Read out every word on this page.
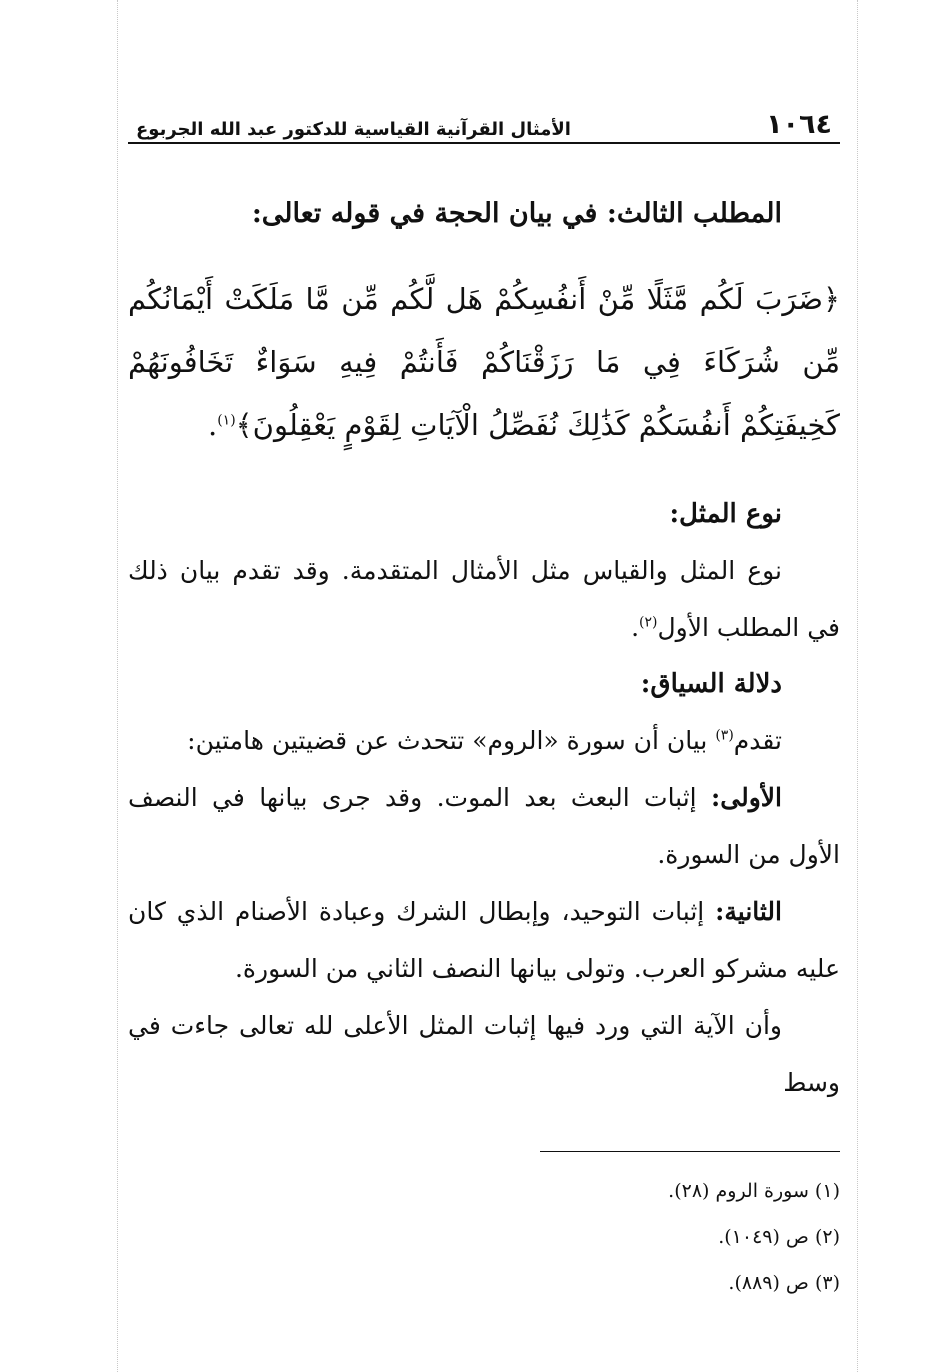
١٠٦٤
الأمثال القرآنية القياسية للدكتور عبد الله الجربوع
المطلب الثالث: في بيان الحجة في قوله تعالى:

﴿ضَرَبَ لَكُم مَّثَلًا مِّنْ أَنفُسِكُمْ هَل لَّكُم مِّن مَّا مَلَكَتْ أَيْمَانُكُم مِّن شُرَكَاءَ فِي مَا رَزَقْنَاكُمْ فَأَنتُمْ فِيهِ سَوَاءٌ تَخَافُونَهُمْ كَخِيفَتِكُمْ أَنفُسَكُمْ كَذَٰلِكَ نُفَصِّلُ الْآيَاتِ لِقَوْمٍ يَعْقِلُونَ﴾$^{(١)}$.

نوع المثل:

نوع المثل والقياس مثل الأمثال المتقدمة. وقد تقدم بيان ذلك في المطلب الأول$^{(٢)}$.

دلالة السياق:

تقدم$^{(٣)}$ بيان أن سورة «الروم» تتحدث عن قضيتين هامتين:

الأولى: إثبات البعث بعد الموت. وقد جرى بيانها في النصف الأول من السورة.

الثانية: إثبات التوحيد، وإبطال الشرك وعبادة الأصنام الذي كان عليه مشركو العرب. وتولى بيانها النصف الثاني من السورة.

وأن الآية التي ورد فيها إثبات المثل الأعلى لله تعالى جاءت في وسط

(١) سورة الروم (٢٨).

(٢) ص (١٠٤٩).

(٣) ص (٨٨٩).
